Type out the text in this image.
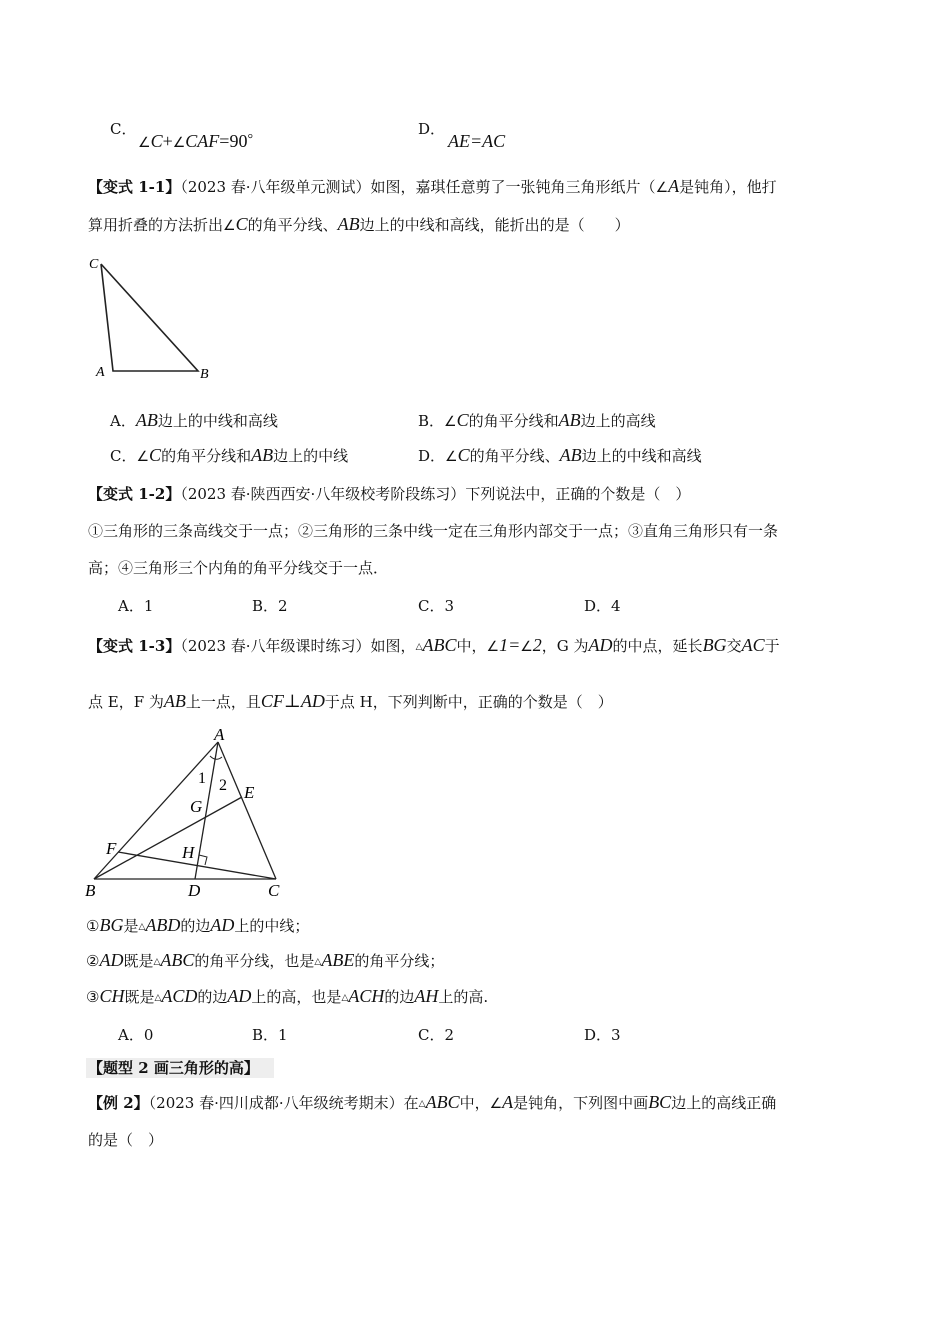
C．
∠C+∠CAF=90°
D．
AE=AC
【变式 1-1】（2023 春·八年级单元测试）如图，嘉琪任意剪了一张钝角三角形纸片（∠A是钝角），他打
算用折叠的方法折出∠C的角平分线、AB边上的中线和高线，能折出的是（　　）
C
A	B
A．AB边上的中线和高线	B．∠C的角平分线和AB边上的高线
C．∠C的角平分线和AB边上的中线	D．∠C的角平分线、AB边上的中线和高线
【变式 1-2】（2023 春·陕西西安·八年级校考阶段练习）下列说法中，正确的个数是（　）
①三角形的三条高线交于一点；②三角形的三条中线一定在三角形内部交于一点；③直角三角形只有一条
高；④三角形三个内角的角平分线交于一点．
A．1	B．2	C．3	D．4
【变式 1-3】（2023 春·八年级课时练习）如图，△ABC中，∠1=∠2，G 为AD的中点，延长BG交AC于
点 E，F 为AB上一点，且CF⊥AD于点 H，下列判断中，正确的个数是（　）
A
B	C
D
E
F
G
H
1 2
①BG是△ABD的边AD上的中线；
②AD既是△ABC的角平分线，也是△ABE的角平分线；
③CH既是△ACD的边AD上的高，也是△ACH的边AH上的高.
A．0	B．1	C．2	D．3
【题型 2 画三角形的高】
【例 2】（2023 春·四川成都·八年级统考期末）在△ABC中，∠A是钝角，下列图中画BC边上的高线正确
的是（　）
